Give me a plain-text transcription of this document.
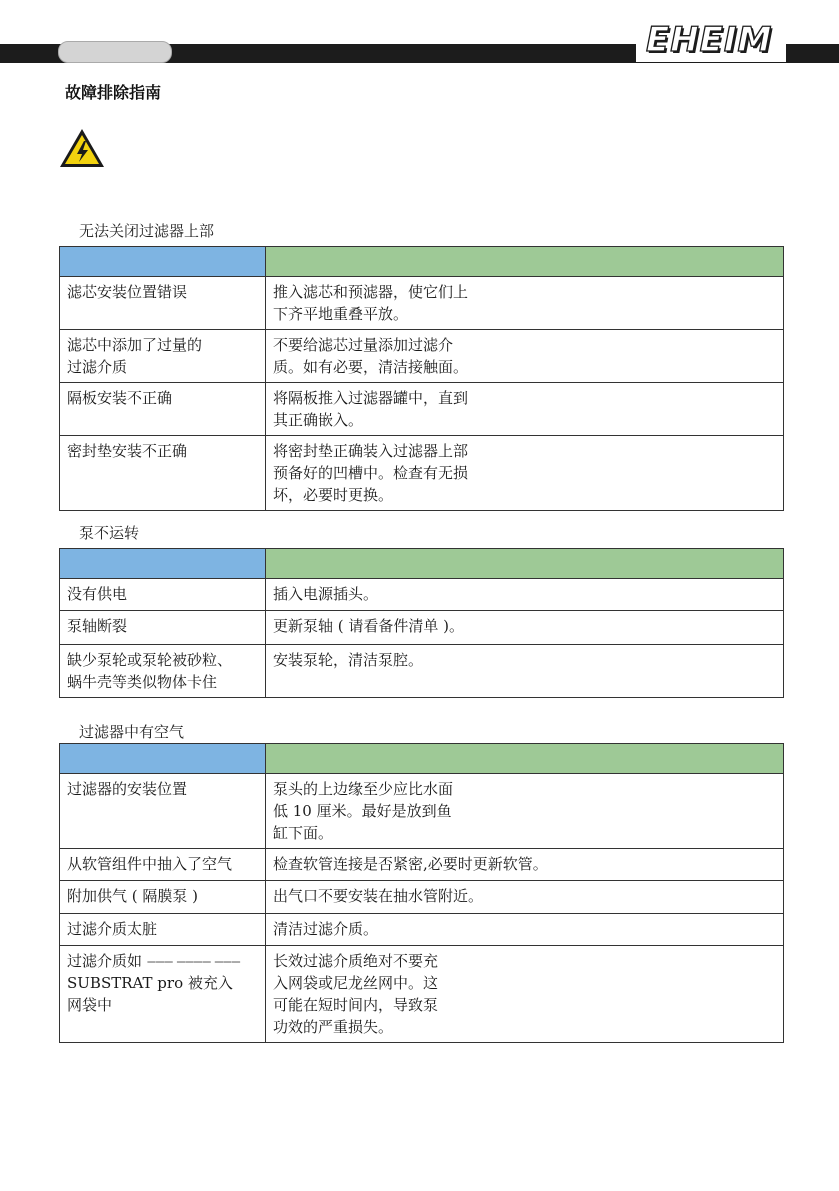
EHEIM
故障排除指南
无法关闭过滤器上部

滤芯安装位置错误	推入滤芯和预滤器，使它们上
下齐平地重叠平放。

滤芯中添加了过量的
过滤介质	不要给滤芯过量添加过滤介
质。如有必要，清洁接触面。

隔板安装不正确	将隔板推入过滤器罐中，直到
其正确嵌入。

密封垫安装不正确	将密封垫正确装入过滤器上部
预备好的凹槽中。检查有无损
坏，必要时更换。
泵不运转

没有供电	插入电源插头。

泵轴断裂	更新泵轴 ( 请看备件清单 )。

缺少泵轮或泵轮被砂粒、
蜗牛壳等类似物体卡住	安装泵轮，清洁泵腔。
过滤器中有空气

过滤器的安装位置	泵头的上边缘至少应比水面
低 10 厘米。最好是放到鱼
缸下面。

从软管组件中抽入了空气	检查软管连接是否紧密,必要时更新软管。

附加供气 ( 隔膜泵 )	出气口不要安装在抽水管附近。

过滤介质太脏	清洁过滤介质。

过滤介质如 ‒‒‒ ‒‒‒‒ ‒‒‒
SUBSTRAT pro 被充入
网袋中	长效过滤介质绝对不要充
入网袋或尼龙丝网中。这
可能在短时间内，导致泵
功效的严重损失。
